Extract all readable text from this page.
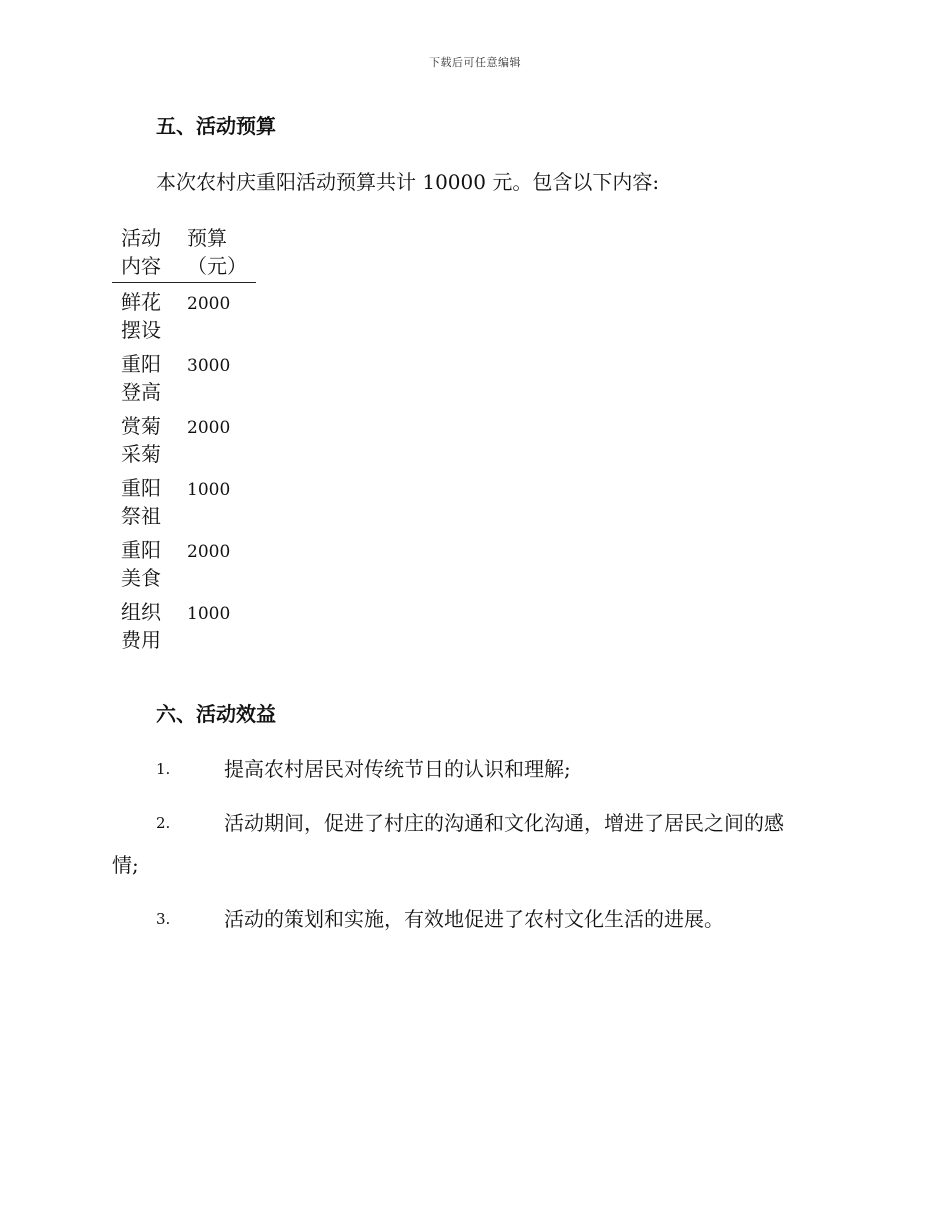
下载后可任意编辑
五、活动预算

本次农村庆重阳活动预算共计 10000 元。包含以下内容:

活动内容	预算（元）

鲜花摆设	2000

重阳登高	3000

赏菊采菊	2000

重阳祭祖	1000

重阳美食	2000

组织费用	1000
六、活动效益
1.	提高农村居民对传统节日的认识和理解;
2.	活动期间，促进了村庄的沟通和文化沟通，增进了居民之间的感
情;
3.	活动的策划和实施，有效地促进了农村文化生活的进展。
